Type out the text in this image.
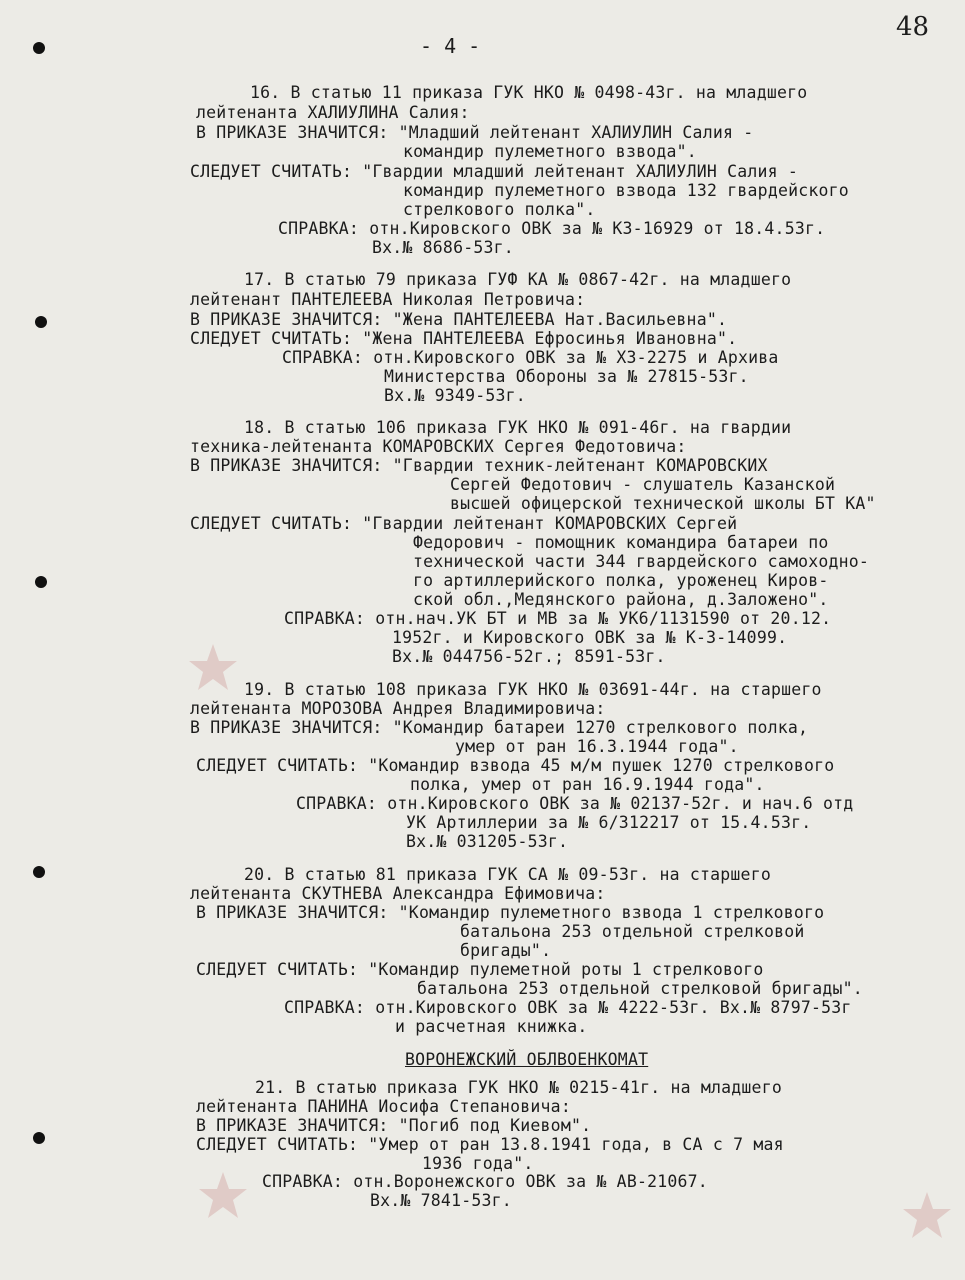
- 4 -
48
16. В статью 11 приказа ГУК НКО № 0498-43г. на младшего
лейтенанта ХАЛИУЛИНА Салия:
В ПРИКАЗЕ ЗНАЧИТСЯ: "Младший лейтенант ХАЛИУЛИН Салия -
командир пулеметного взвода".
СЛЕДУЕТ СЧИТАТЬ: "Гвардии младший лейтенант ХАЛИУЛИН Салия -
командир пулеметного взвода 132 гвардейского
стрелкового полка".
СПРАВКА: отн.Кировского ОВК за № КЗ-16929 от 18.4.53г.
Вх.№ 8686-53г.
17. В статью 79 приказа ГУФ КА № 0867-42г. на младшего
лейтенант ПАНТЕЛЕЕВА Николая Петровича:
В ПРИКАЗЕ ЗНАЧИТСЯ: "Жена ПАНТЕЛЕЕВА Нат.Васильевна".
СЛЕДУЕТ СЧИТАТЬ: "Жена ПАНТЕЛЕЕВА Ефросинья Ивановна".
СПРАВКА: отн.Кировского ОВК за № ХЗ-2275 и Архива
Министерства Обороны за № 27815-53г.
Вх.№ 9349-53г.
18. В статью 106 приказа ГУК НКО № 091-46г. на гвардии
техника-лейтенанта КОМАРОВСКИХ Сергея Федотовича:
В ПРИКАЗЕ ЗНАЧИТСЯ: "Гвардии техник-лейтенант КОМАРОВСКИХ
Сергей Федотович - слушатель Казанской
высшей офицерской технической школы БТ КА"
СЛЕДУЕТ СЧИТАТЬ: "Гвардии лейтенант КОМАРОВСКИХ Сергей
Федорович - помощник командира батареи по
технической части 344 гвардейского самоходно-
го артиллерийского полка, уроженец Киров-
ской обл.,Медянского района, д.Заложено".
СПРАВКА: отн.нач.УК БТ и МВ за № УК6/1131590 от 20.12.
1952г. и Кировского ОВК за № К-3-14099.
Вх.№ 044756-52г.; 8591-53г.
19. В статью 108 приказа ГУК НКО № 03691-44г. на старшего
лейтенанта МОРОЗОВА Андрея Владимировича:
В ПРИКАЗЕ ЗНАЧИТСЯ: "Командир батареи 1270 стрелкового полка,
умер от ран 16.3.1944 года".
СЛЕДУЕТ СЧИТАТЬ: "Командир взвода 45 м/м пушек 1270 стрелкового
полка, умер от ран 16.9.1944 года".
СПРАВКА: отн.Кировского ОВК за № 02137-52г. и нач.6 отд
УК Артиллерии за № 6/312217 от 15.4.53г.
Вх.№ 031205-53г.
20. В статью 81 приказа ГУК СА № 09-53г. на старшего
лейтенанта СКУТНЕВА Александра Ефимовича:
В ПРИКАЗЕ ЗНАЧИТСЯ: "Командир пулеметного взвода 1 стрелкового
батальона 253 отдельной стрелковой
бригады".
СЛЕДУЕТ СЧИТАТЬ: "Командир пулеметной роты 1 стрелкового
батальона 253 отдельной стрелковой бригады".
СПРАВКА: отн.Кировского ОВК за № 4222-53г. Вх.№ 8797-53г
и расчетная книжка.
ВОРОНЕЖСКИЙ ОБЛВОЕНКОМАТ
21. В статью приказа ГУК НКО № 0215-41г. на младшего
лейтенанта ПАНИНА Иосифа Степановича:
В ПРИКАЗЕ ЗНАЧИТСЯ: "Погиб под Киевом".
СЛЕДУЕТ СЧИТАТЬ: "Умер от ран 13.8.1941 года, в СА с 7 мая
1936 года".
СПРАВКА: отн.Воронежского ОВК за № АВ-21067.
Вх.№ 7841-53г.
